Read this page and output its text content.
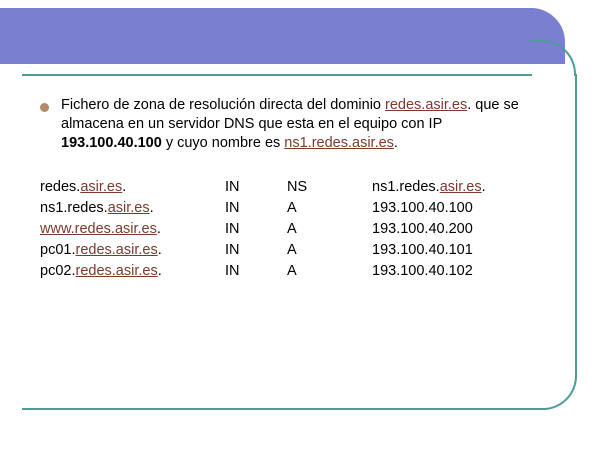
Fichero de zona de resolución directa del dominio redes.asir.es. que se almacena en un servidor DNS que esta en el equipo con IP 193.100.40.100 y cuyo nombre es ns1.redes.asir.es.
redes.asir.es.	IN	NS	ns1.redes.asir.es.
ns1.redes.asir.es.	IN	A	193.100.40.100
www.redes.asir.es.	IN	A	193.100.40.200
pc01.redes.asir.es.	IN	A	193.100.40.101
pc02.redes.asir.es.	IN	A	193.100.40.102
